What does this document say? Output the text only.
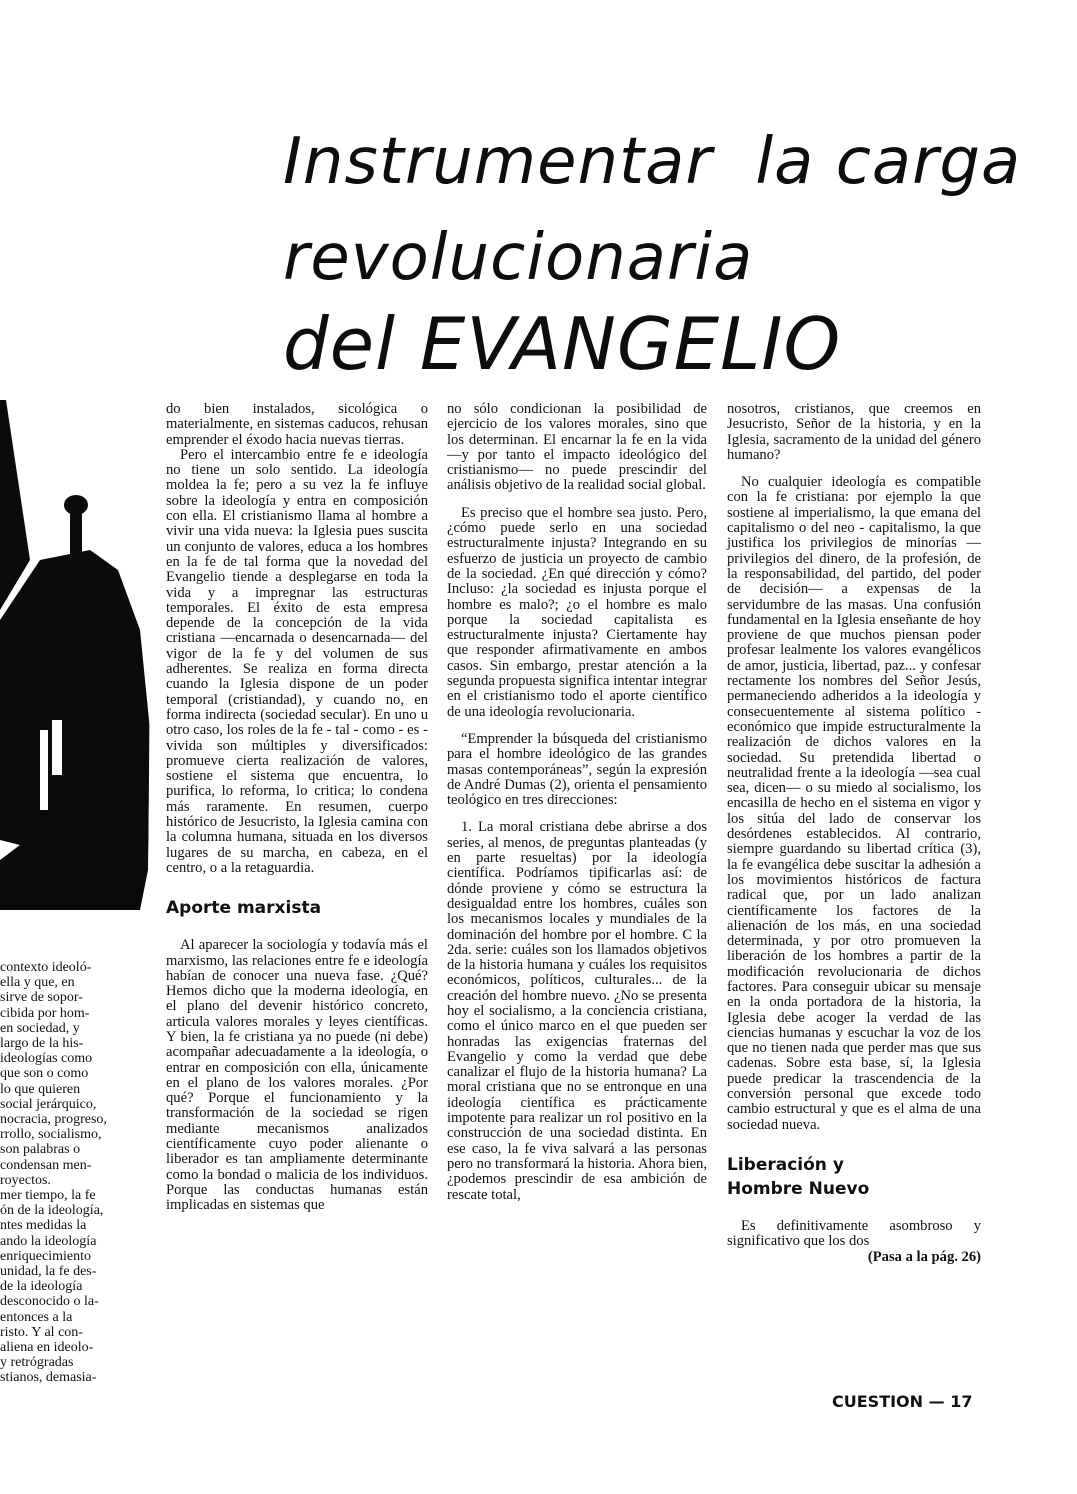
Instrumentar la carga
revolucionaria
del EVANGELIO

contexto ideoló-

ella y que, en

sirve de sopor-

cibida por hom-

en sociedad, y

largo de la his-

ideologías como

que son o como

lo que quieren

social jerárquico,

nocracia, progreso,

rrollo, socialismo,

son palabras o

condensan men-

royectos.

mer tiempo, la fe

ón de la ideología,

ntes medidas la

ando la ideología

enriquecimiento

unidad, la fe des-

de la ideología

desconocido o la-

entonces a la

risto. Y al con-

aliena en ideolo-

y retrógradas

stianos, demasia-

do bien instalados, sicológica o materialmente, en sistemas caducos, rehusan emprender el éxodo hacia nuevas tierras.

Pero el intercambio entre fe e ideología no tiene un solo sentido. La ideología moldea la fe; pero a su vez la fe influye sobre la ideología y entra en composición con ella. El cristianismo llama al hombre a vivir una vida nueva: la Iglesia pues suscita un conjunto de valores, educa a los hombres en la fe de tal forma que la novedad del Evangelio tiende a desplegarse en toda la vida y a impregnar las estructuras temporales. El éxito de esta empresa depende de la concepción de la vida cristiana —encarnada o desencarnada— del vigor de la fe y del volumen de sus adherentes. Se realiza en forma directa cuando la Iglesia dispone de un poder temporal (cristiandad), y cuando no, en forma indirecta (sociedad secular). En uno u otro caso, los roles de la fe - tal - como - es - vivida son múltiples y diversificados: promueve cierta realización de valores, sostiene el sistema que encuentra, lo purifica, lo reforma, lo critica; lo condena más raramente. En resumen, cuerpo histórico de Jesucristo, la Iglesia camina con la columna humana, situada en los diversos lugares de su marcha, en cabeza, en el centro, o a la retaguardia.

Aporte marxista

Al aparecer la sociología y todavía más el marxismo, las relaciones entre fe e ideología habían de conocer una nueva fase. ¿Qué? Hemos dicho que la moderna ideología, en el plano del devenir histórico concreto, articula valores morales y leyes científicas. Y bien, la fe cristiana ya no puede (ni debe) acompañar adecuadamente a la ideología, o entrar en composición con ella, únicamente en el plano de los valores morales. ¿Por qué? Porque el funcionamiento y la transformación de la sociedad se rigen mediante mecanismos analizados científicamente cuyo poder alienante o liberador es tan ampliamente determinante como la bondad o malicia de los individuos. Porque las conductas humanas están implicadas en sistemas que

no sólo condicionan la posibilidad de ejercicio de los valores morales, sino que los determinan. El encarnar la fe en la vida —y por tanto el impacto ideológico del cristianismo— no puede prescindir del análisis objetivo de la realidad social global.

Es preciso que el hombre sea justo. Pero, ¿cómo puede serlo en una sociedad estructuralmente injusta? Integrando en su esfuerzo de justicia un proyecto de cambio de la sociedad. ¿En qué dirección y cómo? Incluso: ¿la sociedad es injusta porque el hombre es malo?; ¿o el hombre es malo porque la sociedad capitalista es estructuralmente injusta? Ciertamente hay que responder afirmativamente en ambos casos. Sin embargo, prestar atención a la segunda propuesta significa intentar integrar en el cristianismo todo el aporte científico de una ideología revolucionaria.

“Emprender la búsqueda del cristianismo para el hombre ideológico de las grandes masas contemporáneas”, según la expresión de André Dumas (2), orienta el pensamiento teológico en tres direcciones:

1. La moral cristiana debe abrirse a dos series, al menos, de preguntas planteadas (y en parte resueltas) por la ideología científica. Podríamos tipificarlas así: de dónde proviene y cómo se estructura la desigualdad entre los hombres, cuáles son los mecanismos locales y mundiales de la dominación del hombre por el hombre. C la 2da. serie: cuáles son los llamados objetivos de la historia humana y cuáles los requisitos económicos, políticos, culturales... de la creación del hombre nuevo. ¿No se presenta hoy el socialismo, a la conciencia cristiana, como el único marco en el que pueden ser honradas las exigencias fraternas del Evangelio y como la verdad que debe canalizar el flujo de la historia humana? La moral cristiana que no se entronque en una ideología científica es prácticamente impotente para realizar un rol positivo en la construcción de una sociedad distinta. En ese caso, la fe viva salvará a las personas pero no transformará la historia. Ahora bien, ¿podemos prescindir de esa ambición de rescate total,

nosotros, cristianos, que creemos en Jesucristo, Señor de la historia, y en la Iglesia, sacramento de la unidad del género humano?

No cualquier ideología es compatible con la fe cristiana: por ejemplo la que sostiene al imperialismo, la que emana del capitalismo o del neo - capitalismo, la que justifica los privilegios de minorías —privilegios del dinero, de la profesión, de la responsabilidad, del partido, del poder de decisión— a expensas de la servidumbre de las masas. Una confusión fundamental en la Iglesia enseñante de hoy proviene de que muchos piensan poder profesar lealmente los valores evangélicos de amor, justicia, libertad, paz... y confesar rectamente los nombres del Señor Jesús, permaneciendo adheridos a la ideología y consecuentemente al sistema político - económico que impide estructuralmente la realización de dichos valores en la sociedad. Su pretendida libertad o neutralidad frente a la ideología —sea cual sea, dicen— o su miedo al socialismo, los encasilla de hecho en el sistema en vigor y los sitúa del lado de conservar los desórdenes establecidos. Al contrario, siempre guardando su libertad crítica (3), la fe evangélica debe suscitar la adhesión a los movimientos históricos de factura radical que, por un lado analizan científicamente los factores de la alienación de los más, en una sociedad determinada, y por otro promueven la liberación de los hombres a partir de la modificación revolucionaria de dichos factores. Para conseguir ubicar su mensaje en la onda portadora de la historia, la Iglesia debe acoger la verdad de las ciencias humanas y escuchar la voz de los que no tienen nada que perder mas que sus cadenas. Sobre esta base, sí, la Iglesia puede predicar la trascendencia de la conversión personal que excede todo cambio estructural y que es el alma de una sociedad nueva.

Liberación y
Hombre Nuevo

Es definitivamente asombroso y significativo que los dos

(Pasa a la pág. 26)

CUESTION — 17
